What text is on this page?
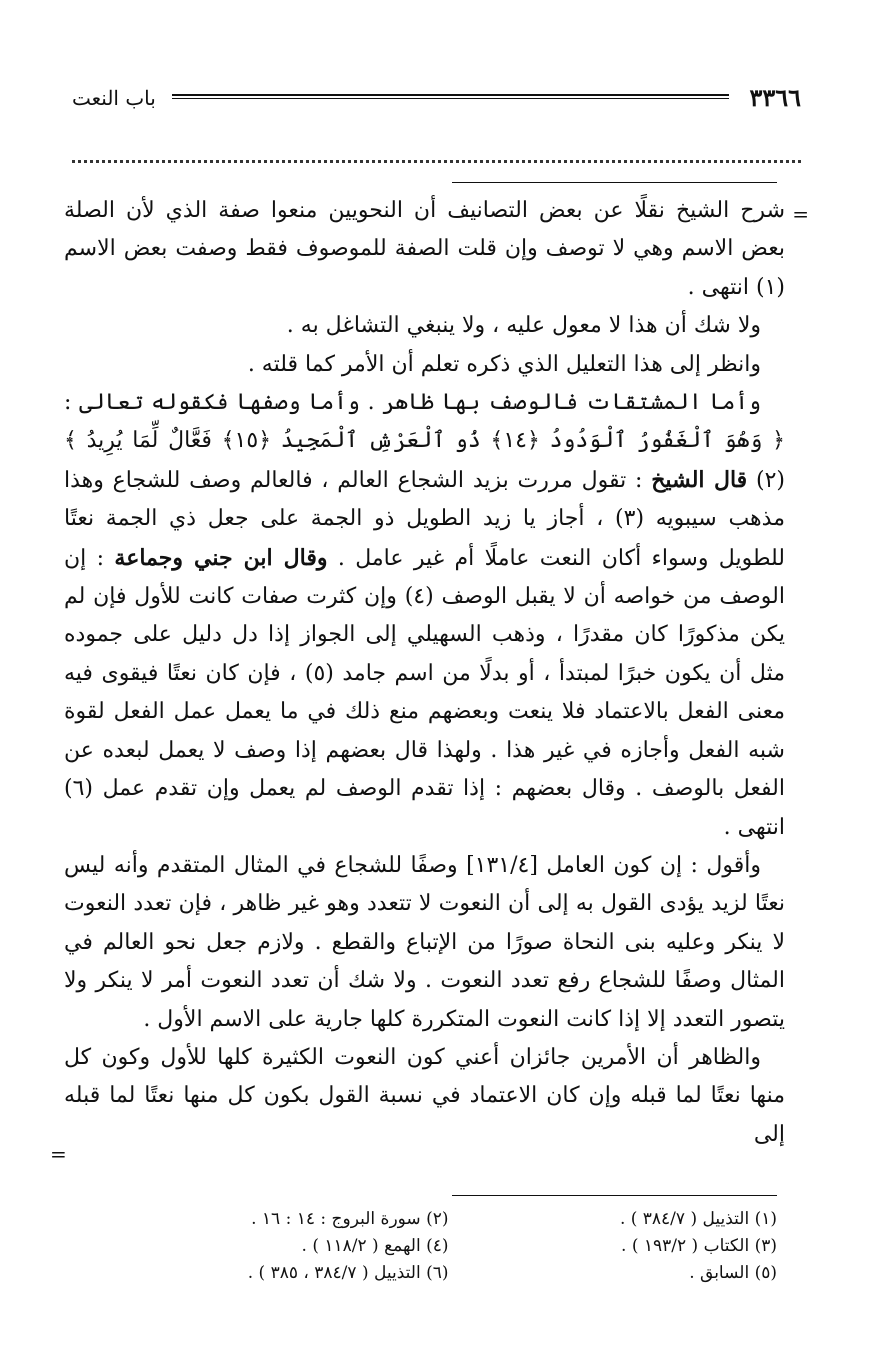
٣٣٦٦
باب النعت
=

شرح الشيخ نقلًا عن بعض التصانيف أن النحويين منعوا صفة الذي لأن الصلة بعض الاسم وهي لا توصف وإن قلت الصفة للموصوف فقط وصفت بعض الاسم (١) انتهى .

ولا شك أن هذا لا معول عليه ، ولا ينبغي التشاغل به .

وانظر إلى هذا التعليل الذي ذكره تعلم أن الأمر كما قلته .

وأما المشتقات فالوصف بها ظاهر . وأما وصفها فكقوله تعالى : ﴿ وَهُوَ ٱلْغَفُورُ ٱلْوَدُودُ ﴿١٤﴾ ذُو ٱلْعَرْشِ ٱلْمَجِيدُ ﴿١٥﴾ فَعَّالٌ لِّمَا يُرِيدُ ﴾ (٢) قال الشيخ : تقول مررت بزيد الشجاع العالم ، فالعالم وصف للشجاع وهذا مذهب سيبويه (٣) ، أجاز يا زيد الطويل ذو الجمة على جعل ذي الجمة نعتًا للطويل وسواء أكان النعت عاملًا أم غير عامل . وقال ابن جني وجماعة : إن الوصف من خواصه أن لا يقبل الوصف (٤) وإن كثرت صفات كانت للأول فإن لم يكن مذكورًا كان مقدرًا ، وذهب السهيلي إلى الجواز إذا دل دليل على جموده مثل أن يكون خبرًا لمبتدأ ، أو بدلًا من اسم جامد (٥) ، فإن كان نعتًا فيقوى فيه معنى الفعل بالاعتماد فلا ينعت وبعضهم منع ذلك في ما يعمل عمل الفعل لقوة شبه الفعل وأجازه في غير هذا . ولهذا قال بعضهم إذا وصف لا يعمل لبعده عن الفعل بالوصف . وقال بعضهم : إذا تقدم الوصف لم يعمل وإن تقدم عمل (٦) انتهى .

وأقول : إن كون العامل [١٣١/٤] وصفًا للشجاع في المثال المتقدم وأنه ليس نعتًا لزيد يؤدى القول به إلى أن النعوت لا تتعدد وهو غير ظاهر ، فإن تعدد النعوت لا ينكر وعليه بنى النحاة صورًا من الإتباع والقطع . ولازم جعل نحو العالم في المثال وصفًا للشجاع رفع تعدد النعوت . ولا شك أن تعدد النعوت أمر لا ينكر ولا يتصور التعدد إلا إذا كانت النعوت المتكررة كلها جارية على الاسم الأول .

والظاهر أن الأمرين جائزان أعني كون النعوت الكثيرة كلها للأول وكون كل منها نعتًا لما قبله وإن كان الاعتماد في نسبة القول بكون كل منها نعتًا لما قبله إلى

=
(١) التذييل ( ٣٨٤/٧ ) .
(٢) سورة البروج : ١٤ : ١٦ .
(٣) الكتاب ( ١٩٣/٢ ) .
(٤) الهمع ( ١١٨/٢ ) .
(٥) السابق .
(٦) التذييل ( ٣٨٤/٧ ، ٣٨٥ ) .
